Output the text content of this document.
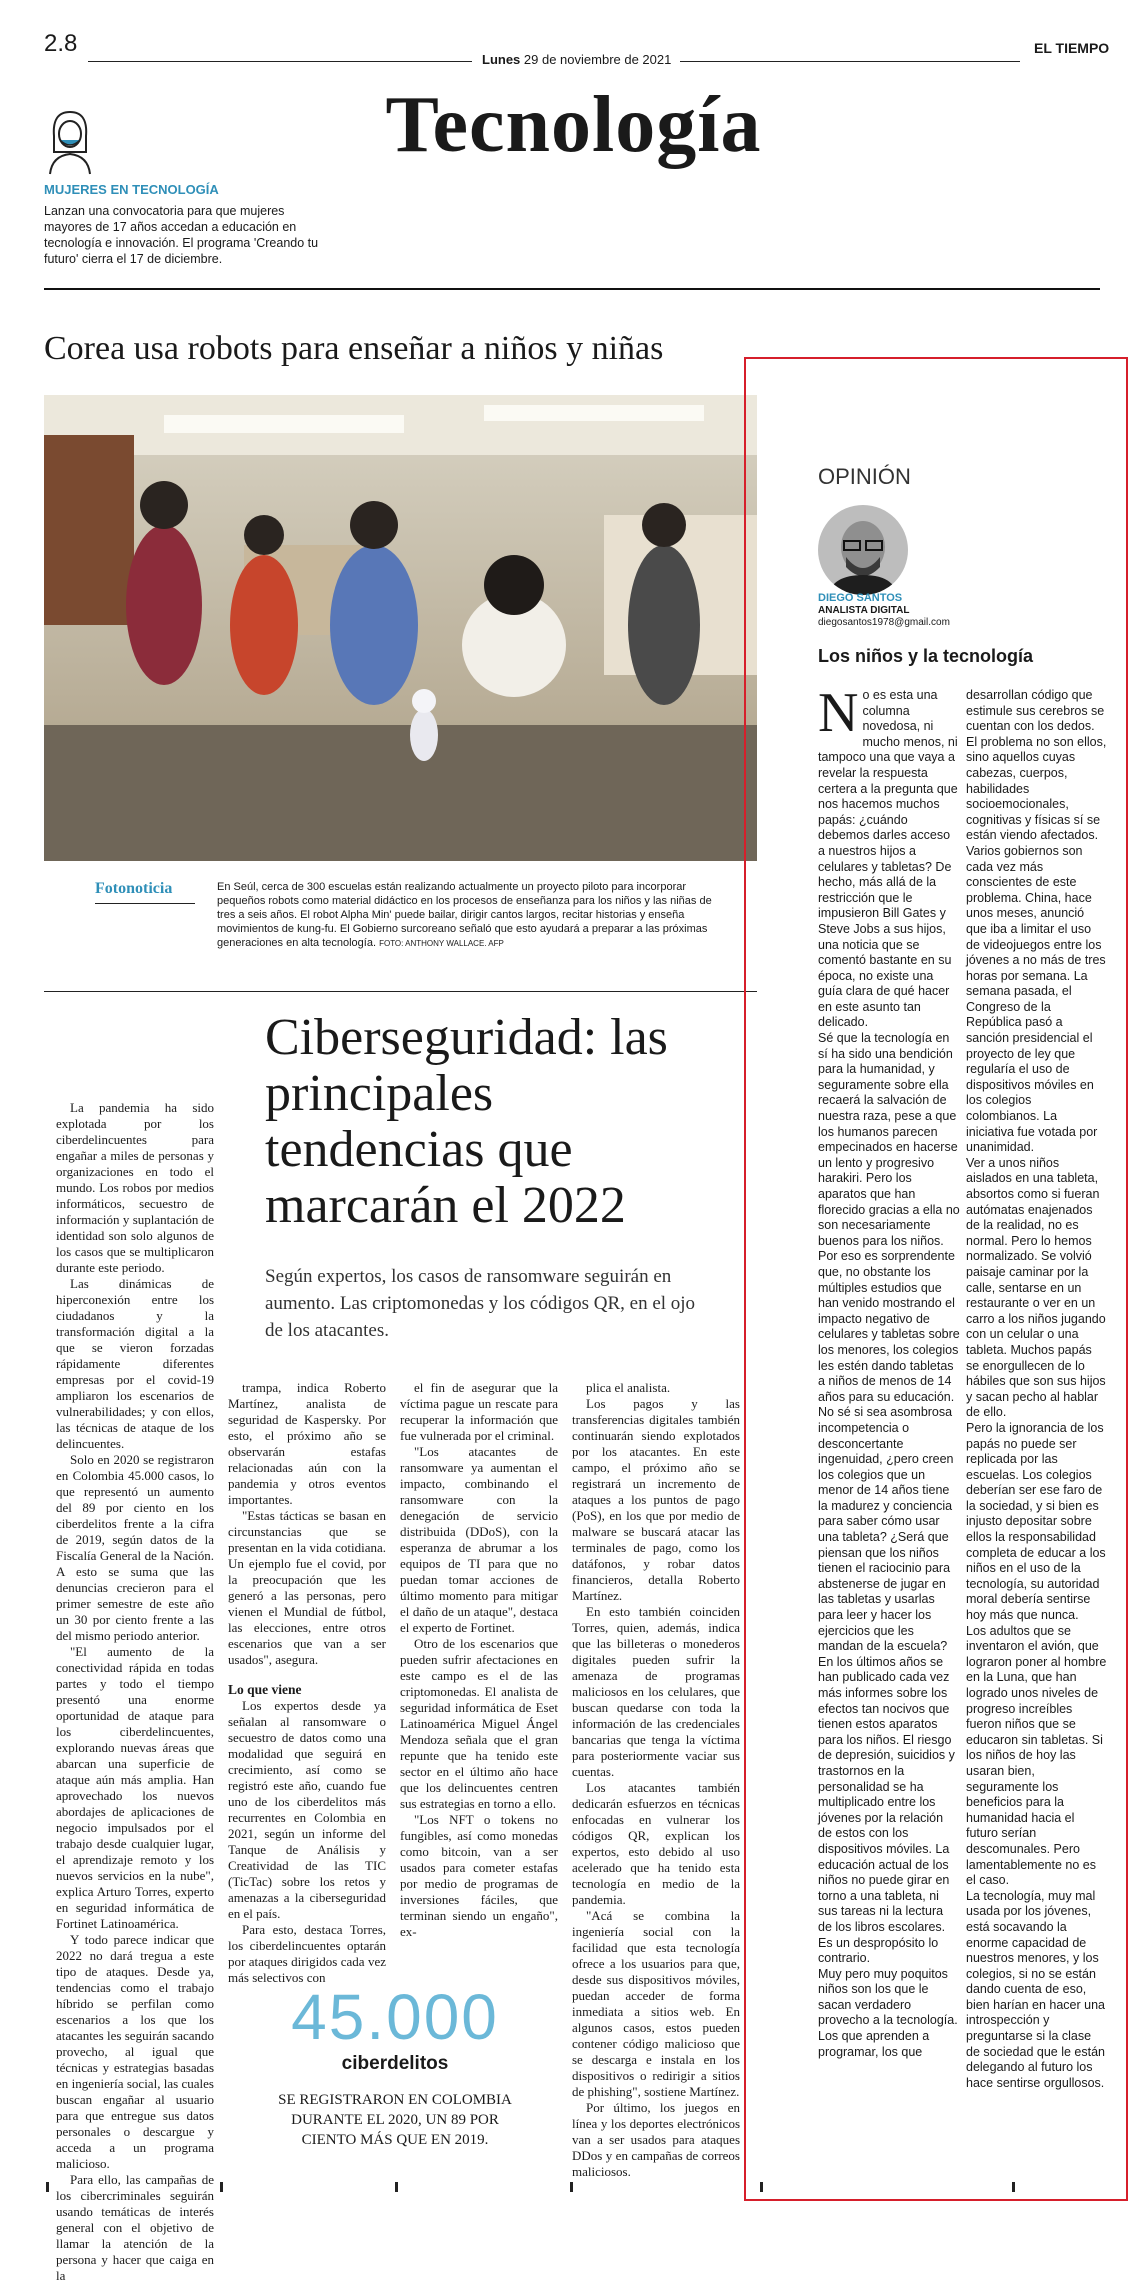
2.8
Lunes 29 de noviembre de 2021
EL TIEMPO
Tecnología
MUJERES EN TECNOLOGÍA
Lanzan una convocatoria para que mujeres mayores de 17 años accedan a educación en tecnología e innovación. El programa 'Creando tu futuro' cierra el 17 de diciembre.
Corea usa robots para enseñar a niños y niñas
Fotonoticia	En Seúl, cerca de 300 escuelas están realizando actualmente un proyecto piloto para incorporar pequeños robots como material didáctico en los procesos de enseñanza para los niños y las niñas de tres a seis años. El robot Alpha Min' puede bailar, dirigir cantos largos, recitar historias y enseña movimientos de kung-fu. El Gobierno surcoreano señaló que esto ayudará a preparar a las próximas generaciones en alta tecnología. FOTO: ANTHONY WALLACE. AFP
Ciberseguridad: las principales tendencias que marcarán el 2022
Según expertos, los casos de ransomware seguirán en aumento. Las criptomonedas y los códigos QR, en el ojo de los atacantes.

La pandemia ha sido explotada por los ciberdelincuentes para engañar a miles de personas y organizaciones en todo el mundo. Los robos por medios informáticos, secuestro de información y suplantación de identidad son solo algunos de los casos que se multiplicaron durante este periodo.

Las dinámicas de hiperconexión entre los ciudadanos y la transformación digital a la que se vieron forzadas rápidamente diferentes empresas por el covid-19 ampliaron los escenarios de vulnerabilidades; y con ellos, las técnicas de ataque de los delincuentes.

Solo en 2020 se registraron en Colombia 45.000 casos, lo que representó un aumento del 89 por ciento en los ciberdelitos frente a la cifra de 2019, según datos de la Fiscalía General de la Nación. A esto se suma que las denuncias crecieron para el primer semestre de este año un 30 por ciento frente a las del mismo periodo anterior.

"El aumento de la conectividad rápida en todas partes y todo el tiempo presentó una enorme oportunidad de ataque para los ciberdelincuentes, explorando nuevas áreas que abarcan una superficie de ataque aún más amplia. Han aprovechado los nuevos abordajes de aplicaciones de negocio impulsados por el trabajo desde cualquier lugar, el aprendizaje remoto y los nuevos servicios en la nube", explica Arturo Torres, experto en seguridad informática de Fortinet Latinoamérica.

Y todo parece indicar que 2022 no dará tregua a este tipo de ataques. Desde ya, tendencias como el trabajo híbrido se perfilan como escenarios a los que los atacantes les seguirán sacando provecho, al igual que técnicas y estrategias basadas en ingeniería social, las cuales buscan engañar al usuario para que entregue sus datos personales o descargue y acceda a un programa malicioso.

Para ello, las campañas de los cibercriminales seguirán usando temáticas de interés general con el objetivo de llamar la atención de la persona y hacer que caiga en la

trampa, indica Roberto Martínez, analista de seguridad de Kaspersky. Por esto, el próximo año se observarán estafas relacionadas aún con la pandemia y otros eventos importantes.

"Estas tácticas se basan en circunstancias que se presentan en la vida cotidiana. Un ejemplo fue el covid, por la preocupación que les generó a las personas, pero vienen el Mundial de fútbol, las elecciones, entre otros escenarios que van a ser usados", asegura.

Lo que viene

Los expertos desde ya señalan al ransomware o secuestro de datos como una modalidad que seguirá en crecimiento, así como se registró este año, cuando fue uno de los ciberdelitos más recurrentes en Colombia en 2021, según un informe del Tanque de Análisis y Creatividad de las TIC (TicTac) sobre los retos y amenazas a la ciberseguridad en el país.

Para esto, destaca Torres, los ciberdelincuentes optarán por ataques dirigidos cada vez más selectivos con

el fin de asegurar que la víctima pague un rescate para recuperar la información que fue vulnerada por el criminal.

"Los atacantes de ransomware ya aumentan el impacto, combinando el ransomware con la denegación de servicio distribuida (DDoS), con la esperanza de abrumar a los equipos de TI para que no puedan tomar acciones de último momento para mitigar el daño de un ataque", destaca el experto de Fortinet.

Otro de los escenarios que pueden sufrir afectaciones en este campo es el de las criptomonedas. El analista de seguridad informática de Eset Latinoamérica Miguel Ángel Mendoza señala que el gran repunte que ha tenido este sector en el último año hace que los delincuentes centren sus estrategias en torno a ello.

"Los NFT o tokens no fungibles, así como monedas como bitcoin, van a ser usados para cometer estafas por medio de programas de inversiones fáciles, que terminan siendo un engaño", ex-

plica el analista.

Los pagos y las transferencias digitales también continuarán siendo explotados por los atacantes. En este campo, el próximo año se registrará un incremento de ataques a los puntos de pago (PoS), en los que por medio de malware se buscará atacar las terminales de pago, como los datáfonos, y robar datos financieros, detalla Roberto Martínez.

En esto también coinciden Torres, quien, además, indica que las billeteras o monederos digitales pueden sufrir la amenaza de programas maliciosos en los celulares, que buscan quedarse con toda la información de las credenciales bancarias que tenga la víctima para posteriormente vaciar sus cuentas.

Los atacantes también dedicarán esfuerzos en técnicas enfocadas en vulnerar los códigos QR, explican los expertos, esto debido al uso acelerado que ha tenido esta tecnología en medio de la pandemia.

"Acá se combina la ingeniería social con la facilidad que esta tecnología ofrece a los usuarios para que, desde sus dispositivos móviles, puedan acceder de forma inmediata a sitios web. En algunos casos, estos pueden contener código malicioso que se descarga e instala en los dispositivos o redirigir a sitios de phishing", sostiene Martínez.

Por último, los juegos en línea y los deportes electrónicos van a ser usados para ataques DDos y en campañas de correos maliciosos.

45.000
ciberdelitos
SE REGISTRARON EN COLOMBIA DURANTE EL 2020, UN 89 POR CIENTO MÁS QUE EN 2019.
OPINIÓN
DIEGO SANTOS
ANALISTA DIGITAL
diegosantos1978@gmail.com
Los niños y la tecnología

No es esta una columna novedosa, ni mucho menos, ni tampoco una que vaya a revelar la respuesta certera a la pregunta que nos hacemos muchos papás: ¿cuándo debemos darles acceso a nuestros hijos a celulares y tabletas? De hecho, más allá de la restricción que le impusieron Bill Gates y Steve Jobs a sus hijos, una noticia que se comentó bastante en su época, no existe una guía clara de qué hacer en este asunto tan delicado.

Sé que la tecnología en sí ha sido una bendición para la humanidad, y seguramente sobre ella recaerá la salvación de nuestra raza, pese a que los humanos parecen empecinados en hacerse un lento y progresivo harakiri. Pero los aparatos que han florecido gracias a ella no son necesariamente buenos para los niños.

Por eso es sorprendente que, no obstante los múltiples estudios que han venido mostrando el impacto negativo de celulares y tabletas sobre los menores, los colegios les estén dando tabletas a niños de menos de 14 años para su educación.

No sé si sea asombrosa incompetencia o desconcertante ingenuidad, ¿pero creen los colegios que un menor de 14 años tiene la madurez y conciencia para saber cómo usar una tableta? ¿Será que piensan que los niños tienen el raciocinio para abstenerse de jugar en las tabletas y usarlas para leer y hacer los ejercicios que les mandan de la escuela?

En los últimos años se han publicado cada vez más informes sobre los efectos tan nocivos que tienen estos aparatos para los niños. El riesgo de depresión, suicidios y trastornos en la personalidad se ha multiplicado entre los jóvenes por la relación de estos con los dispositivos móviles. La educación actual de los niños no puede girar en torno a una tableta, ni sus tareas ni la lectura de los libros escolares. Es un despropósito lo contrario.

Muy pero muy poquitos niños son los que le sacan verdadero provecho a la tecnología. Los que aprenden a programar, los que

desarrollan código que estimule sus cerebros se cuentan con los dedos. El problema no son ellos, sino aquellos cuyas cabezas, cuerpos, habilidades socioemocionales, cognitivas y físicas sí se están viendo afectados.

Varios gobiernos son cada vez más conscientes de este problema. China, hace unos meses, anunció que iba a limitar el uso de videojuegos entre los jóvenes a no más de tres horas por semana. La semana pasada, el Congreso de la República pasó a sanción presidencial el proyecto de ley que regularía el uso de dispositivos móviles en los colegios colombianos. La iniciativa fue votada por unanimidad.

Ver a unos niños aislados en una tableta, absortos como si fueran autómatas enajenados de la realidad, no es normal. Pero lo hemos normalizado. Se volvió paisaje caminar por la calle, sentarse en un restaurante o ver en un carro a los niños jugando con un celular o una tableta. Muchos papás se enorgullecen de lo hábiles que son sus hijos y sacan pecho al hablar de ello.

Pero la ignorancia de los papás no puede ser replicada por las escuelas. Los colegios deberían ser ese faro de la sociedad, y si bien es injusto depositar sobre ellos la responsabilidad completa de educar a los niños en el uso de la tecnología, su autoridad moral debería sentirse hoy más que nunca.

Los adultos que se inventaron el avión, que lograron poner al hombre en la Luna, que han logrado unos niveles de progreso increíbles fueron niños que se educaron sin tabletas. Si los niños de hoy las usaran bien, seguramente los beneficios para la humanidad hacia el futuro serían descomunales. Pero lamentablemente no es el caso.

La tecnología, muy mal usada por los jóvenes, está socavando la enorme capacidad de nuestros menores, y los colegios, si no se están dando cuenta de eso, bien harían en hacer una introspección y preguntarse si la clase de sociedad que le están delegando al futuro los hace sentirse orgullosos.
